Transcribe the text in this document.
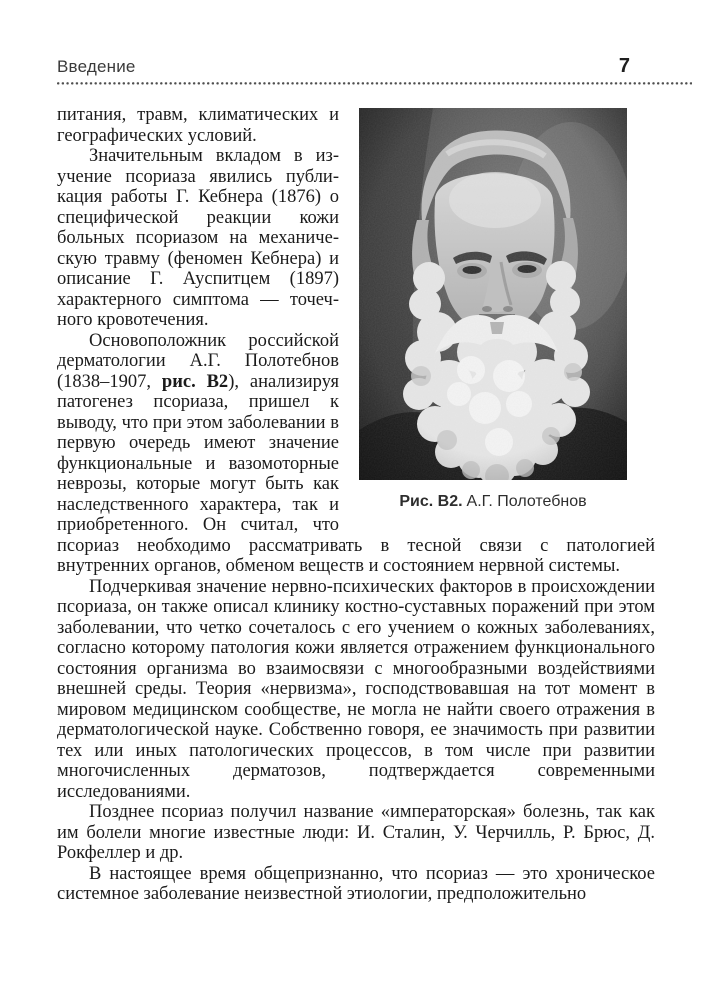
Введение	7
Рис. В2. А.Г. Полотебнов

питания, травм, климатических и географических условий.

Значительным вкладом в изучение псориаза явились публикация работы Г. Кебнера (1876) о специфической реакции кожи больных псориазом на механическую травму (феномен Кебнера) и описание Г. Ауспитцем (1897) характерного симптома — точечного кровотечения.

Основоположник российской дерматологии А.Г. Полотебнов (1838–1907, рис. В2), анализируя патогенез псориаза, пришел к выводу, что при этом заболевании в первую очередь имеют значение функциональные и вазомоторные неврозы, которые могут быть как наследственного характера, так и приобретенного. Он считал, что псориаз необходимо рассматривать в тесной связи с патологией внутренних органов, обменом веществ и состоянием нервной системы.

Подчеркивая значение нервно-психических факторов в происхождении псориаза, он также описал клинику костно-суставных поражений при этом заболевании, что четко сочеталось с его учением о кожных заболеваниях, согласно которому патология кожи является отражением функционального состояния организма во взаимосвязи с многообразными воздействиями внешней среды. Теория «нервизма», господствовавшая на тот момент в мировом медицинском сообществе, не могла не найти своего отражения в дерматологической науке. Собственно говоря, ее значимость при развитии тех или иных патологических процессов, в том числе при развитии многочисленных дерматозов, подтверждается современными исследованиями.

Позднее псориаз получил название «императорская» болезнь, так как им болели многие известные люди: И. Сталин, У. Черчилль, Р. Брюс, Д. Рокфеллер и др.

В настоящее время общепризнанно, что псориаз — это хроническое системное заболевание неизвестной этиологии, предположительно
